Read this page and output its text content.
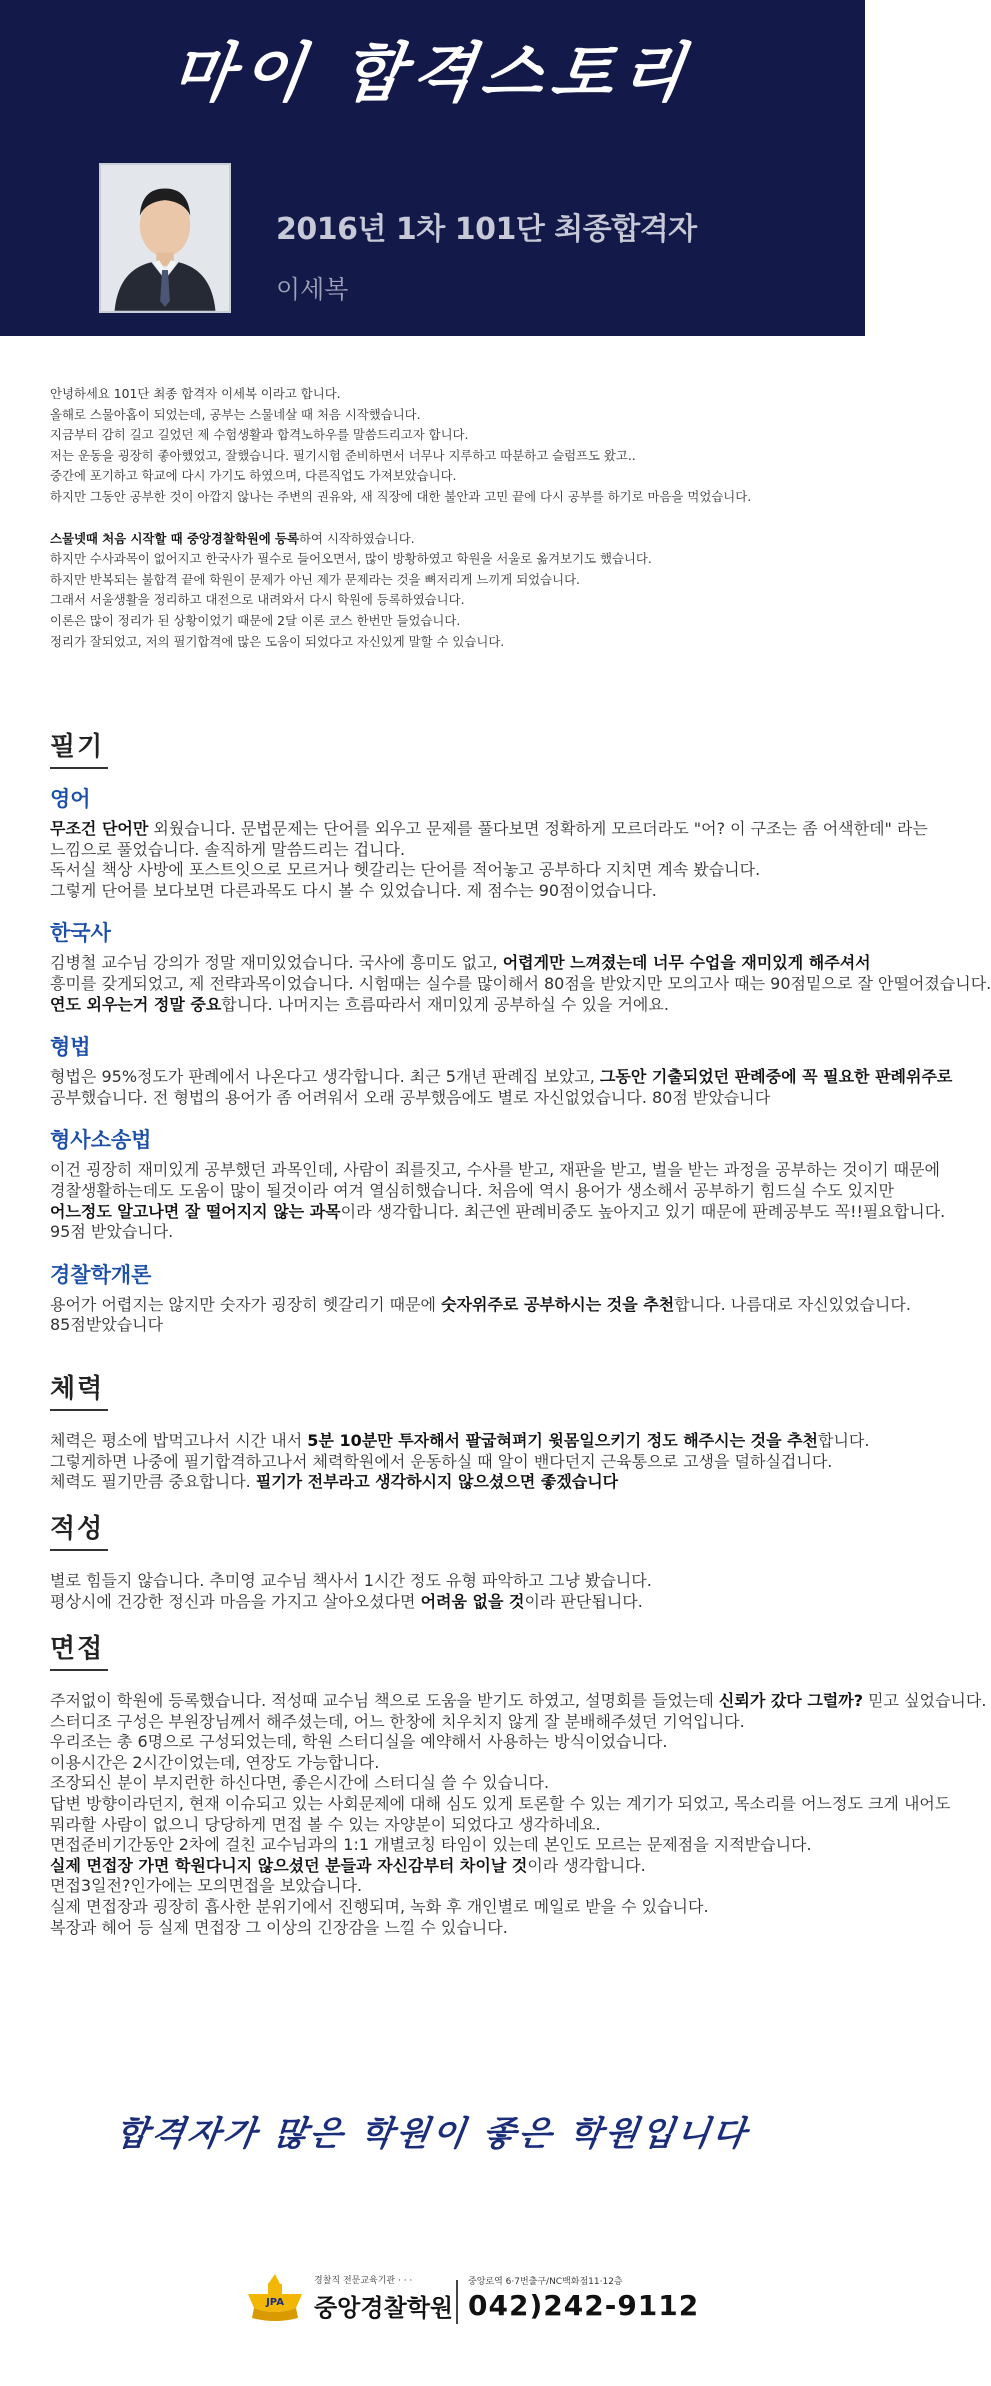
마이 합격스토리
2016년 1차 101단 최종합격자
이세복
안녕하세요 101단 최종 합격자 이세복 이라고 합니다.
올해로 스물아홉이 되었는데, 공부는 스물네살 때 처음 시작했습니다.
지금부터 감히 길고 길었던 제 수험생활과 합격노하우를 말씀드리고자 합니다.
저는 운동을 굉장히 좋아했었고, 잘했습니다. 필기시험 준비하면서 너무나 지루하고 따분하고 슬럼프도 왔고..
중간에 포기하고 학교에 다시 가기도 하였으며, 다른직업도 가져보았습니다.
하지만 그동안 공부한 것이 아깝지 않나는 주변의 권유와, 새 직장에 대한 불안과 고민 끝에 다시 공부를 하기로 마음을 먹었습니다.
스물넷때 처음 시작할 때 중앙경찰학원에 등록하여 시작하였습니다.
하지만 수사과목이 없어지고 한국사가 필수로 들어오면서, 많이 방황하였고 학원을 서울로 옮겨보기도 했습니다.
하지만 반복되는 불합격 끝에 학원이 문제가 아닌 제가 문제라는 것을 뼈저리게 느끼게 되었습니다.
그래서 서울생활을 정리하고 대전으로 내려와서 다시 학원에 등록하였습니다.
이론은 많이 정리가 된 상황이었기 때문에 2달 이론 코스 한번만 들었습니다.
정리가 잘되었고, 저의 필기합격에 많은 도움이 되었다고 자신있게 말할 수 있습니다.
필기
영어
무조건 단어만 외웠습니다. 문법문제는 단어를 외우고 문제를 풀다보면 정확하게 모르더라도 "어? 이 구조는 좀 어색한데" 라는
느낌으로 풀었습니다. 솔직하게 말씀드리는 겁니다.
독서실 책상 사방에 포스트잇으로 모르거나 헷갈리는 단어를 적어놓고 공부하다 지치면 계속 봤습니다.
그렇게 단어를 보다보면 다른과목도 다시 볼 수 있었습니다. 제 점수는 90점이었습니다.
한국사
김병철 교수님 강의가 정말 재미있었습니다. 국사에 흥미도 없고, 어렵게만 느껴졌는데 너무 수업을 재미있게 해주셔서
흥미를 갖게되었고, 제 전략과목이었습니다. 시험때는 실수를 많이해서 80점을 받았지만 모의고사 때는 90점밑으로 잘 안떨어졌습니다.
연도 외우는거 정말 중요합니다. 나머지는 흐름따라서 재미있게 공부하실 수 있을 거에요.
형법
형법은 95%정도가 판례에서 나온다고 생각합니다. 최근 5개년 판례집 보았고, 그동안 기출되었던 판례중에 꼭 필요한 판례위주로
공부했습니다. 전 형법의 용어가 좀 어려워서 오래 공부했음에도 별로 자신없었습니다. 80점 받았습니다
형사소송법
이건 굉장히 재미있게 공부했던 과목인데, 사람이 죄를짓고, 수사를 받고, 재판을 받고, 벌을 받는 과정을 공부하는 것이기 때문에
경찰생활하는데도 도움이 많이 될것이라 여겨 열심히했습니다. 처음에 역시 용어가 생소해서 공부하기 힘드실 수도 있지만
어느정도 알고나면 잘 떨어지지 않는 과목이라 생각합니다. 최근엔 판례비중도 높아지고 있기 때문에 판례공부도 꼭!!필요합니다.
95점 받았습니다.
경찰학개론
용어가 어렵지는 않지만 숫자가 굉장히 헷갈리기 때문에 숫자위주로 공부하시는 것을 추천합니다. 나름대로 자신있었습니다.
85점받았습니다
체력
체력은 평소에 밥먹고나서 시간 내서 5분 10분만 투자해서 팔굽혀펴기 윗몸일으키기 정도 해주시는 것을 추천합니다.
그렇게하면 나중에 필기합격하고나서 체력학원에서 운동하실 때 알이 밴다던지 근육통으로 고생을 덜하실겁니다.
체력도 필기만큼 중요합니다. 필기가 전부라고 생각하시지 않으셨으면 좋겠습니다
적성
별로 힘들지 않습니다. 추미영 교수님 책사서 1시간 정도 유형 파악하고 그냥 봤습니다.
평상시에 건강한 정신과 마음을 가지고 살아오셨다면 어려움 없을 것이라 판단됩니다.
면접
주저없이 학원에 등록했습니다. 적성때 교수님 책으로 도움을 받기도 하였고, 설명회를 들었는데 신뢰가 갔다 그럴까? 믿고 싶었습니다.
스터디조 구성은 부원장님께서 해주셨는데, 어느 한창에 치우치지 않게 잘 분배해주셨던 기억입니다.
우리조는 총 6명으로 구성되었는데, 학원 스터디실을 예약해서 사용하는 방식이었습니다.
이용시간은 2시간이었는데, 연장도 가능합니다.
조장되신 분이 부지런한 하신다면, 좋은시간에 스터디실 쓸 수 있습니다.
답변 방향이라던지, 현재 이슈되고 있는 사회문제에 대해 심도 있게 토론할 수 있는 계기가 되었고, 목소리를 어느정도 크게 내어도
뭐라할 사람이 없으니 당당하게 면접 볼 수 있는 자양분이 되었다고 생각하네요.
면접준비기간동안 2차에 걸친 교수님과의 1:1 개별코칭 타임이 있는데 본인도 모르는 문제점을 지적받습니다.
실제 면접장 가면 학원다니지 않으셨던 분들과 자신감부터 차이날 것이라 생각합니다.
면접3일전?인가에는 모의면접을 보았습니다.
실제 면접장과 굉장히 흡사한 분위기에서 진행되며, 녹화 후 개인별로 메일로 받을 수 있습니다.
복장과 헤어 등 실제 면접장 그 이상의 긴장감을 느낄 수 있습니다.
합격자가 많은 학원이 좋은 학원입니다
JPA
경찰직 전문교육기관 · · ·
중앙경찰학원
중앙로역 6·7번출구/NC백화점11·12층
042)242-9112
